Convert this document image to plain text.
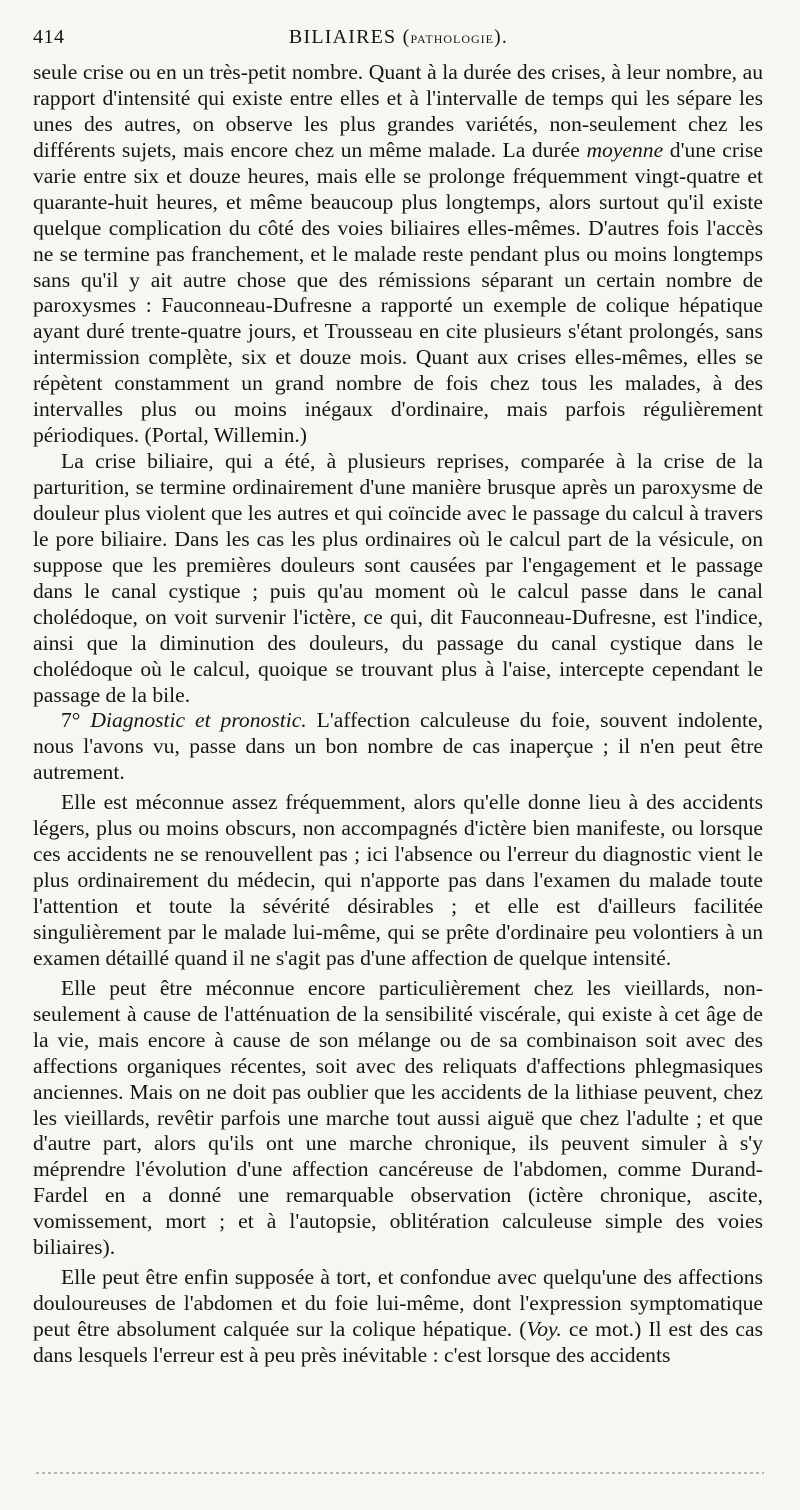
414	BILIAIRES (PATHOLOGIE).

seule crise ou en un très-petit nombre. Quant à la durée des crises, à leur nombre, au rapport d'intensité qui existe entre elles et à l'intervalle de temps qui les sépare les unes des autres, on observe les plus grandes variétés, non-seulement chez les différents sujets, mais encore chez un même malade. La durée moyenne d'une crise varie entre six et douze heures, mais elle se prolonge fréquemment vingt-quatre et quarante-huit heures, et même beaucoup plus longtemps, alors surtout qu'il existe quelque complication du côté des voies biliaires elles-mêmes. D'autres fois l'accès ne se termine pas franchement, et le malade reste pendant plus ou moins longtemps sans qu'il y ait autre chose que des rémissions séparant un certain nombre de paroxysmes : Fauconneau-Dufresne a rapporté un exemple de colique hépatique ayant duré trente-quatre jours, et Trousseau en cite plusieurs s'étant prolongés, sans intermission complète, six et douze mois. Quant aux crises elles-mêmes, elles se répètent constamment un grand nombre de fois chez tous les malades, à des intervalles plus ou moins inégaux d'ordinaire, mais parfois régulièrement périodiques. (Portal, Willemin.)

La crise biliaire, qui a été, à plusieurs reprises, comparée à la crise de la parturition, se termine ordinairement d'une manière brusque après un paroxysme de douleur plus violent que les autres et qui coïncide avec le passage du calcul à travers le pore biliaire. Dans les cas les plus ordinaires où le calcul part de la vésicule, on suppose que les premières douleurs sont causées par l'engagement et le passage dans le canal cystique ; puis qu'au moment où le calcul passe dans le canal cholédoque, on voit survenir l'ictère, ce qui, dit Fauconneau-Dufresne, est l'indice, ainsi que la diminution des douleurs, du passage du canal cystique dans le cholédoque où le calcul, quoique se trouvant plus à l'aise, intercepte cependant le passage de la bile.

7° Diagnostic et pronostic. L'affection calculeuse du foie, souvent indolente, nous l'avons vu, passe dans un bon nombre de cas inaperçue ; il n'en peut être autrement.

Elle est méconnue assez fréquemment, alors qu'elle donne lieu à des accidents légers, plus ou moins obscurs, non accompagnés d'ictère bien manifeste, ou lorsque ces accidents ne se renouvellent pas ; ici l'absence ou l'erreur du diagnostic vient le plus ordinairement du médecin, qui n'apporte pas dans l'examen du malade toute l'attention et toute la sévérité désirables ; et elle est d'ailleurs facilitée singulièrement par le malade lui-même, qui se prête d'ordinaire peu volontiers à un examen détaillé quand il ne s'agit pas d'une affection de quelque intensité.

Elle peut être méconnue encore particulièrement chez les vieillards, non-seulement à cause de l'atténuation de la sensibilité viscérale, qui existe à cet âge de la vie, mais encore à cause de son mélange ou de sa combinaison soit avec des affections organiques récentes, soit avec des reliquats d'affections phlegmasiques anciennes. Mais on ne doit pas oublier que les accidents de la lithiase peuvent, chez les vieillards, revêtir parfois une marche tout aussi aiguë que chez l'adulte ; et que d'autre part, alors qu'ils ont une marche chronique, ils peuvent simuler à s'y méprendre l'évolution d'une affection cancéreuse de l'abdomen, comme Durand-Fardel en a donné une remarquable observation (ictère chronique, ascite, vomissement, mort ; et à l'autopsie, oblitération calculeuse simple des voies biliaires).

Elle peut être enfin supposée à tort, et confondue avec quelqu'une des affections douloureuses de l'abdomen et du foie lui-même, dont l'expression symptomatique peut être absolument calquée sur la colique hépatique. (Voy. ce mot.) Il est des cas dans lesquels l'erreur est à peu près inévitable : c'est lorsque des accidents
